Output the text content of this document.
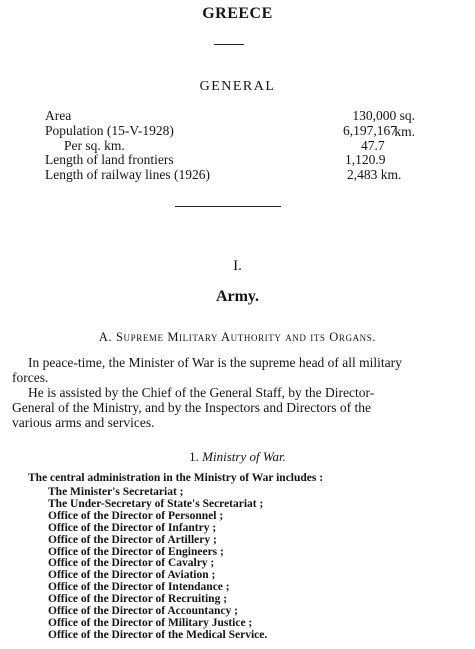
GREECE
GENERAL
Area	130,000 sq. km.
Population (15-V-1928)	6,197,167
Per sq. km.	47.7
Length of land frontiers	1,120.9
Length of railway lines (1926)	2,483 km.
I.
Army.
A. Supreme Military Authority and its Organs.
In peace-time, the Minister of War is the supreme head of all military
forces.
He is assisted by the Chief of the General Staff, by the Director-
General of the Ministry, and by the Inspectors and Directors of the
various arms and services.
1. Ministry of War.
The central administration in the Ministry of War includes :
The Minister's Secretariat ;
The Under-Secretary of State's Secretariat ;
Office of the Director of Personnel ;
Office of the Director of Infantry ;
Office of the Director of Artillery ;
Office of the Director of Engineers ;
Office of the Director of Cavalry ;
Office of the Director of Aviation ;
Office of the Director of Intendance ;
Office of the Director of Recruiting ;
Office of the Director of Accountancy ;
Office of the Director of Military Justice ;
Office of the Director of the Medical Service.
